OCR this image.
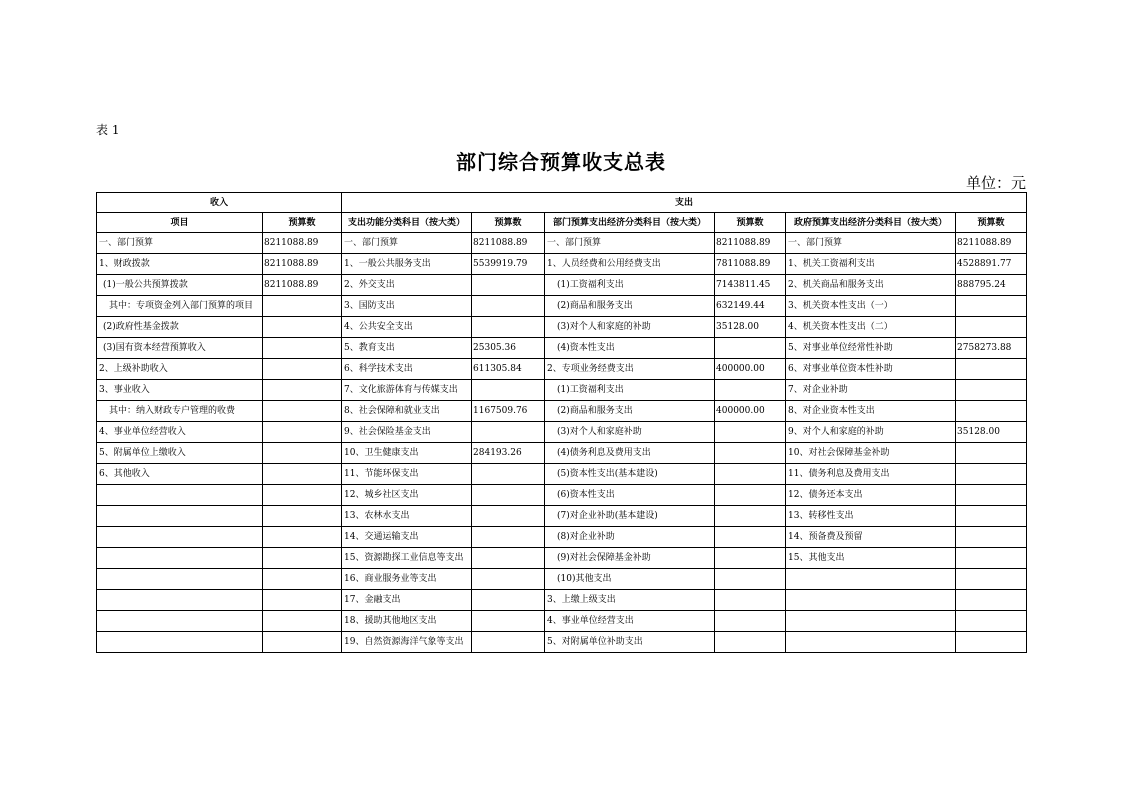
表 1
部门综合预算收支总表
单位：元
收入		支出					
项目	预算数	支出功能分类科目（按大类）	预算数	部门预算支出经济分类科目（按大类）	预算数	政府预算支出经济分类科目（按大类）	预算数
一、部门预算	8211088.89	一、部门预算	8211088.89	一、部门预算	8211088.89	一、部门预算	8211088.89
1、财政拨款	8211088.89	1、一般公共服务支出	5539919.79	1、人员经费和公用经费支出	7811088.89	1、机关工资福利支出	4528891.77
(1)一般公共预算拨款	8211088.89	2、外交支出		(1)工资福利支出	7143811.45	2、机关商品和服务支出	888795.24
其中：专项资金列入部门预算的项目		3、国防支出		(2)商品和服务支出	632149.44	3、机关资本性支出（一）	
(2)政府性基金拨款		4、公共安全支出		(3)对个人和家庭的补助	35128.00	4、机关资本性支出（二）	
(3)国有资本经营预算收入		5、教育支出	25305.36	(4)资本性支出		5、对事业单位经常性补助	2758273.88
2、上级补助收入		6、科学技术支出	611305.84	2、专项业务经费支出	400000.00	6、对事业单位资本性补助	
3、事业收入		7、文化旅游体育与传媒支出		(1)工资福利支出		7、对企业补助	
其中：纳入财政专户管理的收费		8、社会保障和就业支出	1167509.76	(2)商品和服务支出	400000.00	8、对企业资本性支出	
4、事业单位经营收入		9、社会保险基金支出		(3)对个人和家庭补助		9、对个人和家庭的补助	35128.00
5、附属单位上缴收入		10、卫生健康支出	284193.26	(4)债务利息及费用支出		10、对社会保障基金补助	
6、其他收入		11、节能环保支出		(5)资本性支出(基本建设)		11、债务利息及费用支出	
		12、城乡社区支出		(6)资本性支出		12、债务还本支出	
		13、农林水支出		(7)对企业补助(基本建设)		13、转移性支出	
		14、交通运输支出		(8)对企业补助		14、预备费及预留	
		15、资源勘探工业信息等支出		(9)对社会保障基金补助		15、其他支出	
		16、商业服务业等支出		(10)其他支出			
		17、金融支出		3、上缴上级支出			
		18、援助其他地区支出		4、事业单位经营支出			
		19、自然资源海洋气象等支出		5、对附属单位补助支出			
